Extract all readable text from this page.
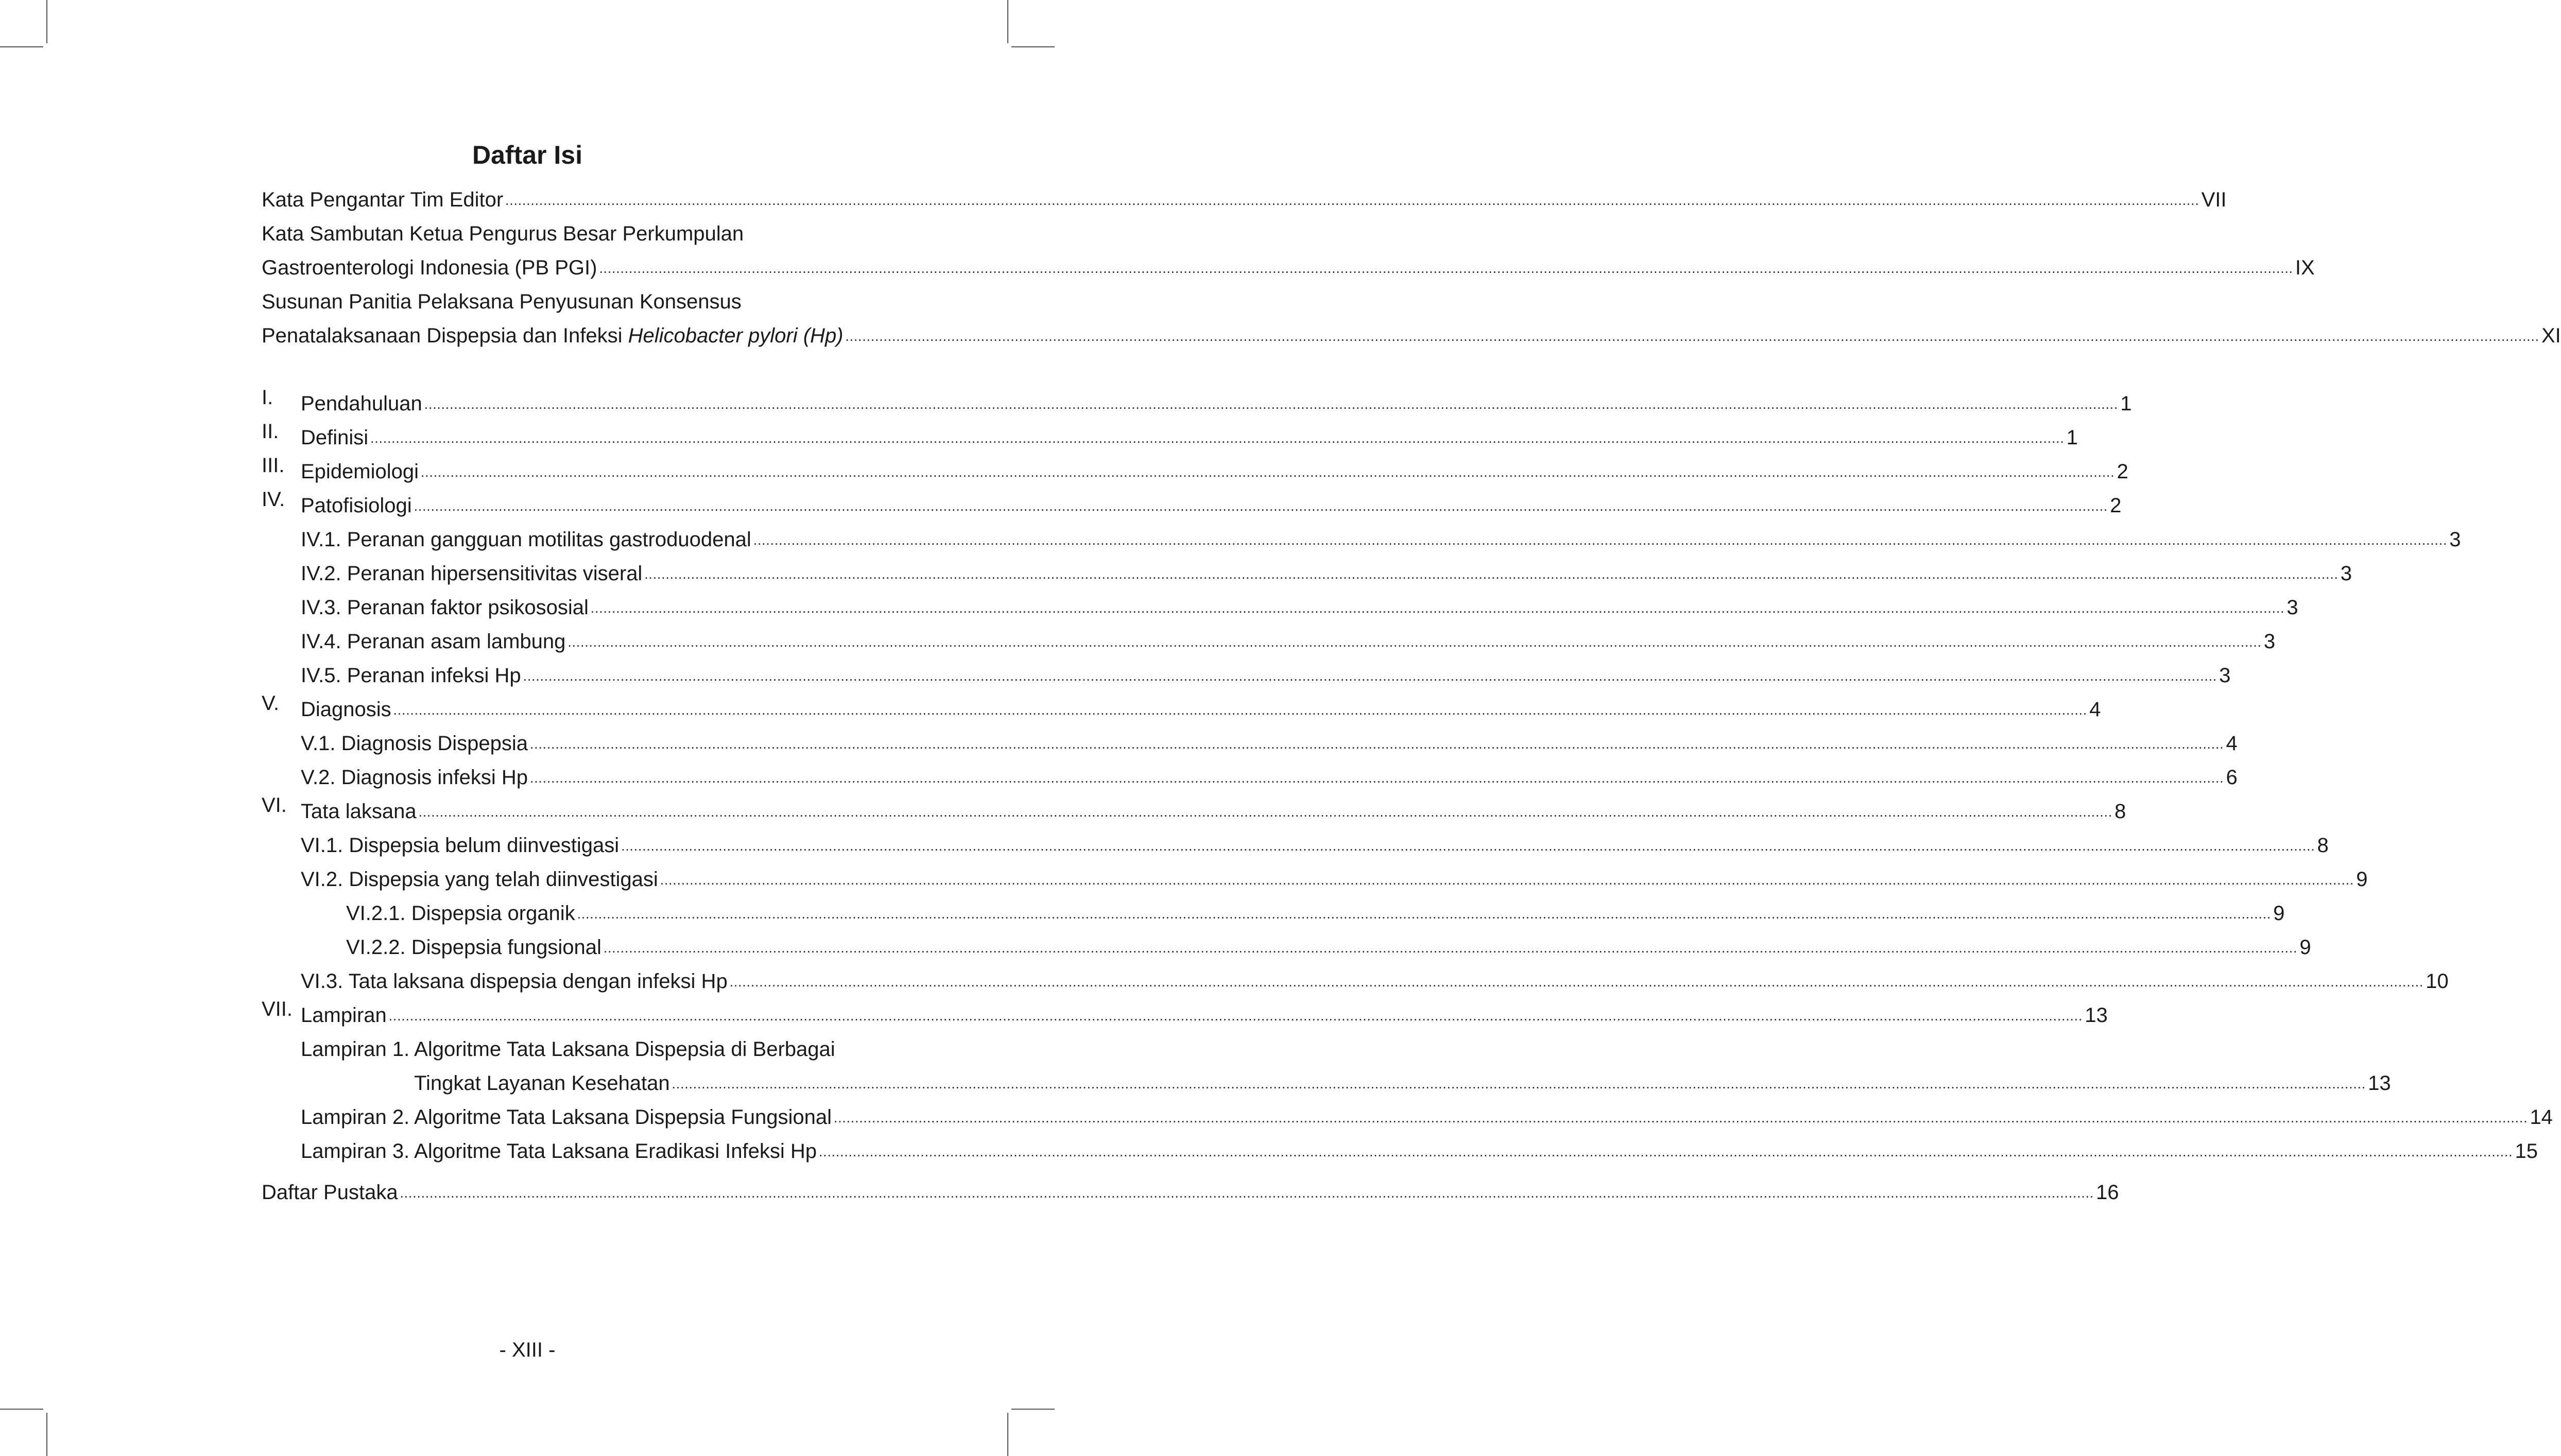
Daftar Isi
Kata Pengantar Tim Editor ................................................................................................................................................................................................................................................................................................................................................................................................................ VII
Kata Sambutan Ketua Pengurus Besar Perkumpulan
Gastroenterologi Indonesia (PB PGI) ................................................................................................................................................................................................................................................................................................................................................................................................................ IX
Susunan Panitia Pelaksana Penyusunan Konsensus
Penatalaksanaan Dispepsia dan Infeksi Helicobacter pylori (Hp) ................................................................................................................................................................................................................................................................................................................................................................................................................ XI
I. Pendahuluan ................................................................................................................................................................................................................................................................................................................................................................................................................ 1
II. Definisi ................................................................................................................................................................................................................................................................................................................................................................................................................ 1
III. Epidemiologi ................................................................................................................................................................................................................................................................................................................................................................................................................ 2
IV. Patofisiologi ................................................................................................................................................................................................................................................................................................................................................................................................................ 2
IV.1. Peranan gangguan motilitas gastroduodenal ................................................................................................................................................................................................................................................................................................................................................................................................................ 3
IV.2. Peranan hipersensitivitas viseral ................................................................................................................................................................................................................................................................................................................................................................................................................ 3
IV.3. Peranan faktor psikososial ................................................................................................................................................................................................................................................................................................................................................................................................................ 3
IV.4. Peranan asam lambung ................................................................................................................................................................................................................................................................................................................................................................................................................ 3
IV.5. Peranan infeksi Hp ................................................................................................................................................................................................................................................................................................................................................................................................................ 3
V. Diagnosis ................................................................................................................................................................................................................................................................................................................................................................................................................ 4
V.1. Diagnosis Dispepsia ................................................................................................................................................................................................................................................................................................................................................................................................................ 4
V.2. Diagnosis infeksi Hp ................................................................................................................................................................................................................................................................................................................................................................................................................ 6
VI. Tata laksana ................................................................................................................................................................................................................................................................................................................................................................................................................ 8
VI.1. Dispepsia belum diinvestigasi ................................................................................................................................................................................................................................................................................................................................................................................................................ 8
VI.2. Dispepsia yang telah diinvestigasi ................................................................................................................................................................................................................................................................................................................................................................................................................ 9
VI.2.1. Dispepsia organik ................................................................................................................................................................................................................................................................................................................................................................................................................ 9
VI.2.2. Dispepsia fungsional ................................................................................................................................................................................................................................................................................................................................................................................................................ 9
VI.3. Tata laksana dispepsia dengan infeksi Hp ................................................................................................................................................................................................................................................................................................................................................................................................................ 10
VII. Lampiran ................................................................................................................................................................................................................................................................................................................................................................................................................ 13
Lampiran 1. Algoritme Tata Laksana Dispepsia di Berbagai
Tingkat Layanan Kesehatan ................................................................................................................................................................................................................................................................................................................................................................................................................ 13
Lampiran 2. Algoritme Tata Laksana Dispepsia Fungsional ................................................................................................................................................................................................................................................................................................................................................................................................................ 14
Lampiran 3. Algoritme Tata Laksana Eradikasi Infeksi Hp ................................................................................................................................................................................................................................................................................................................................................................................................................ 15
Daftar Pustaka ................................................................................................................................................................................................................................................................................................................................................................................................................ 16
- XIII -
